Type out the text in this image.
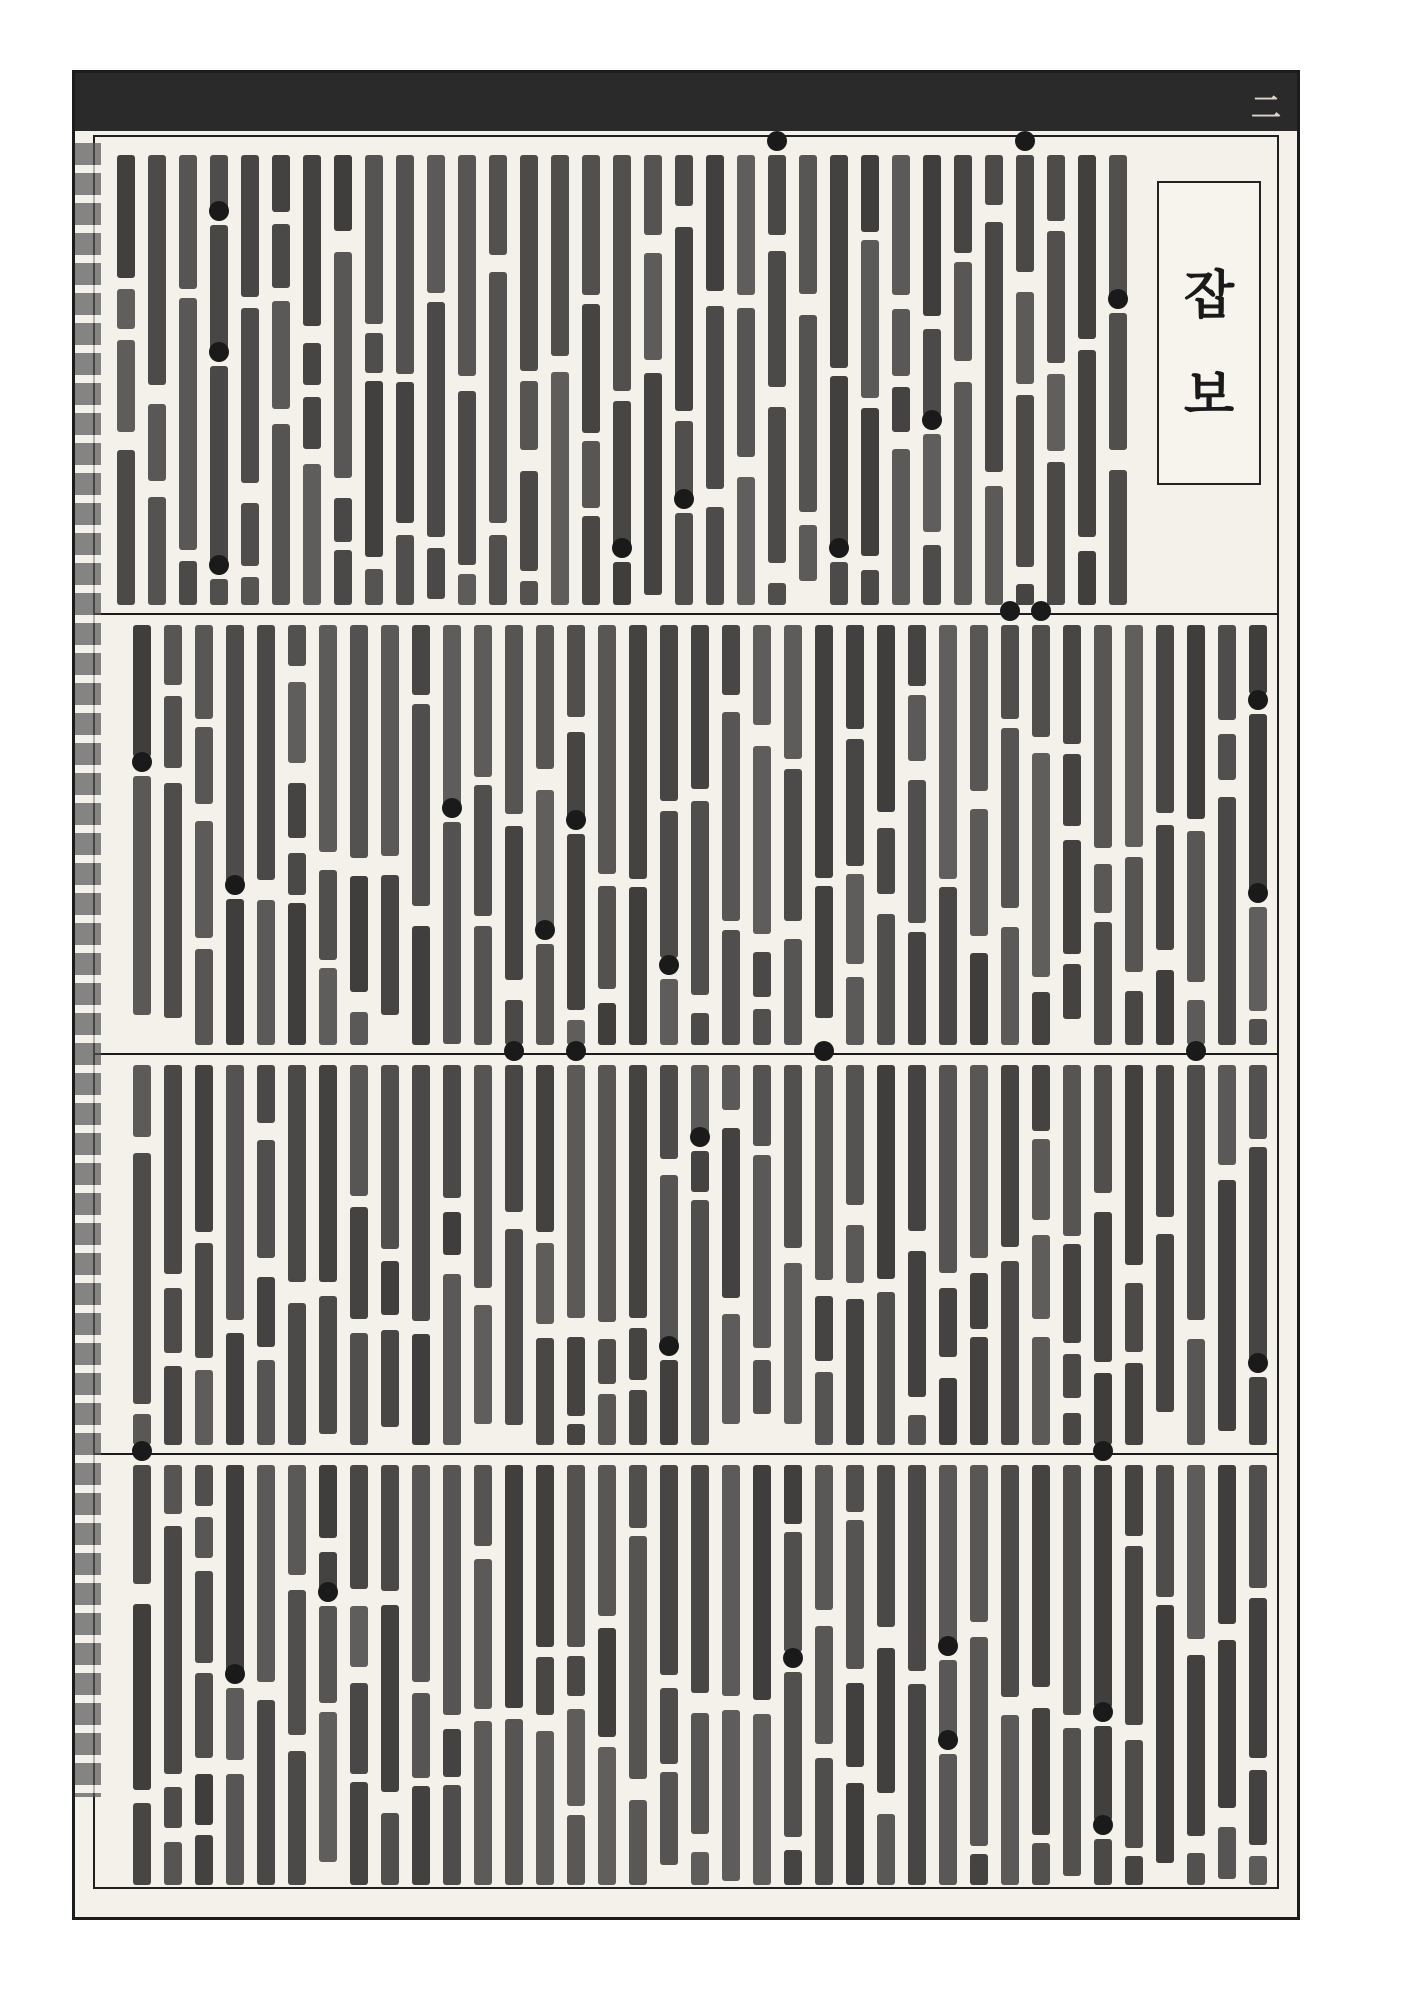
二
잡
보
